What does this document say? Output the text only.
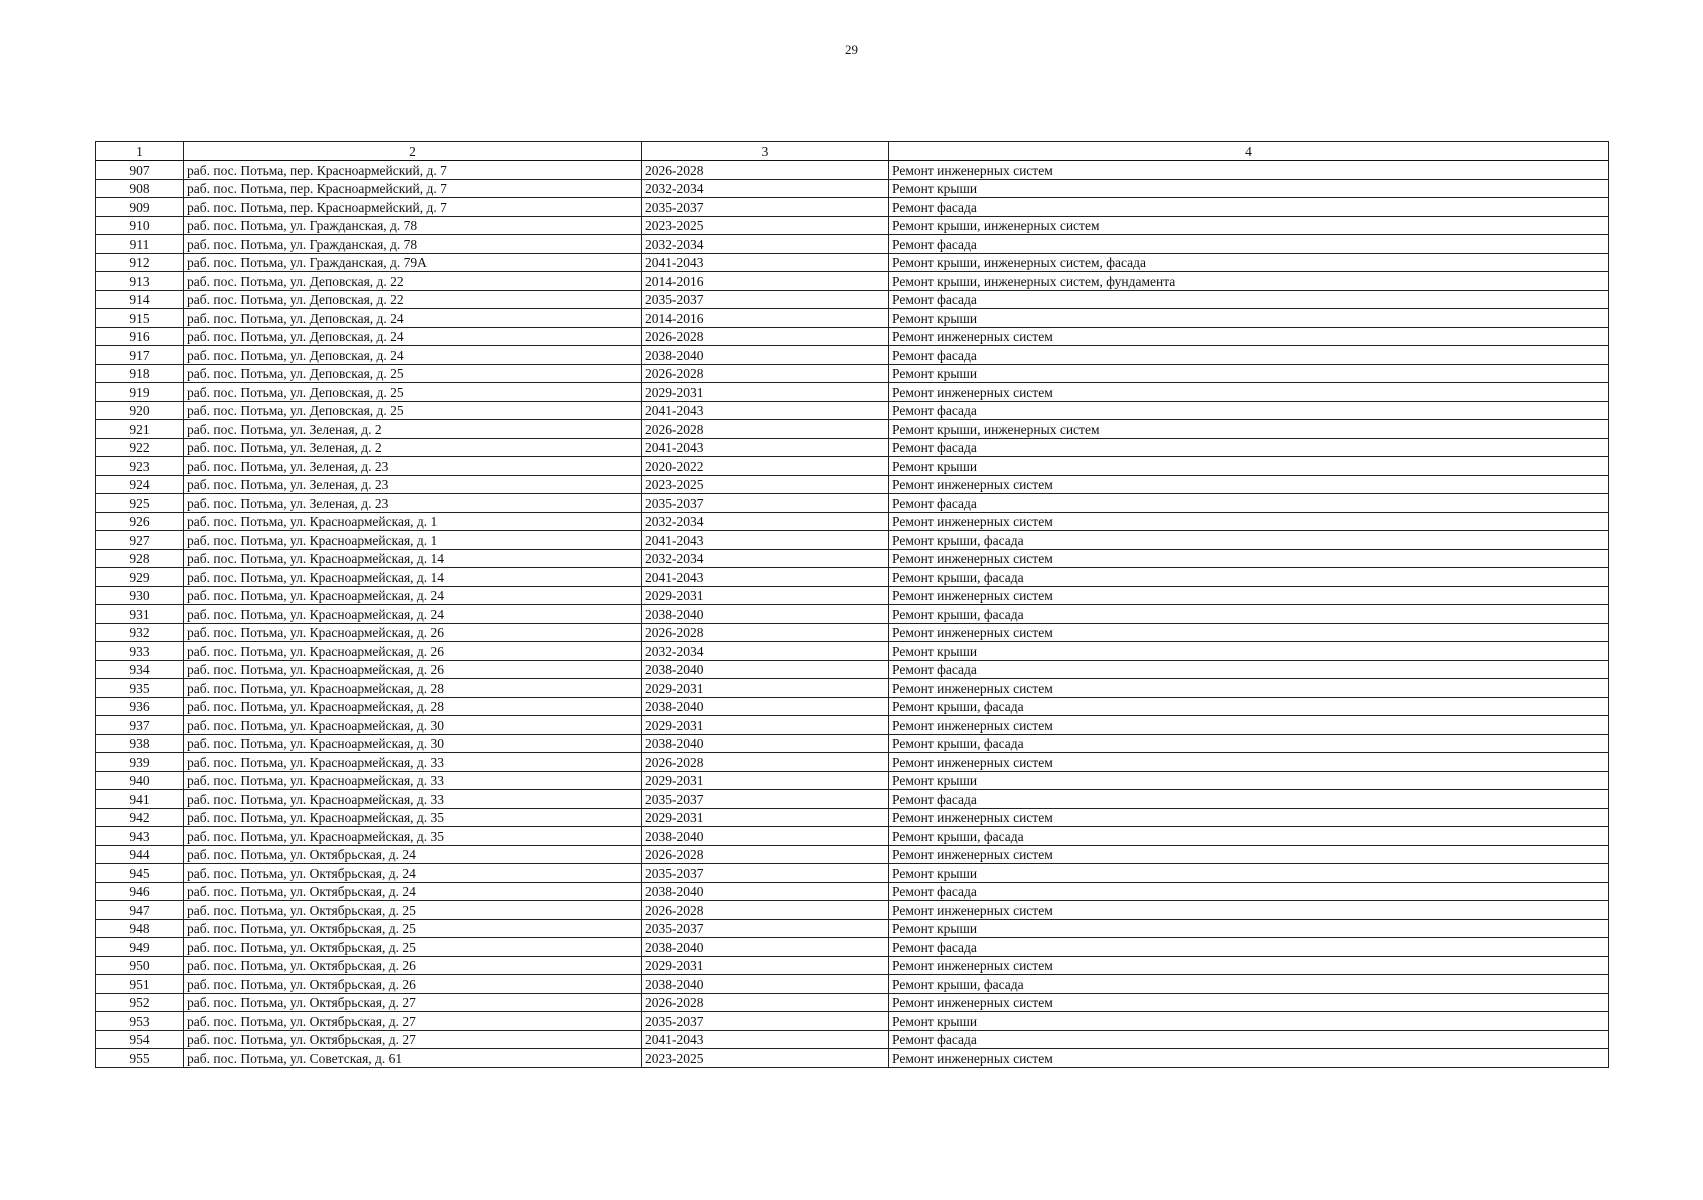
29
1	2	3	4
907	раб. пос. Потьма, пер. Красноармейский, д. 7	2026-2028	Ремонт инженерных систем
908	раб. пос. Потьма, пер. Красноармейский, д. 7	2032-2034	Ремонт крыши
909	раб. пос. Потьма, пер. Красноармейский, д. 7	2035-2037	Ремонт фасада
910	раб. пос. Потьма, ул. Гражданская, д. 78	2023-2025	Ремонт крыши, инженерных систем
911	раб. пос. Потьма, ул. Гражданская, д. 78	2032-2034	Ремонт фасада
912	раб. пос. Потьма, ул. Гражданская, д. 79А	2041-2043	Ремонт крыши, инженерных систем, фасада
913	раб. пос. Потьма, ул. Деповская, д. 22	2014-2016	Ремонт крыши, инженерных систем, фундамента
914	раб. пос. Потьма, ул. Деповская, д. 22	2035-2037	Ремонт фасада
915	раб. пос. Потьма, ул. Деповская, д. 24	2014-2016	Ремонт крыши
916	раб. пос. Потьма, ул. Деповская, д. 24	2026-2028	Ремонт инженерных систем
917	раб. пос. Потьма, ул. Деповская, д. 24	2038-2040	Ремонт фасада
918	раб. пос. Потьма, ул. Деповская, д. 25	2026-2028	Ремонт крыши
919	раб. пос. Потьма, ул. Деповская, д. 25	2029-2031	Ремонт инженерных систем
920	раб. пос. Потьма, ул. Деповская, д. 25	2041-2043	Ремонт фасада
921	раб. пос. Потьма, ул. Зеленая, д. 2	2026-2028	Ремонт крыши, инженерных систем
922	раб. пос. Потьма, ул. Зеленая, д. 2	2041-2043	Ремонт фасада
923	раб. пос. Потьма, ул. Зеленая, д. 23	2020-2022	Ремонт крыши
924	раб. пос. Потьма, ул. Зеленая, д. 23	2023-2025	Ремонт инженерных систем
925	раб. пос. Потьма, ул. Зеленая, д. 23	2035-2037	Ремонт фасада
926	раб. пос. Потьма, ул. Красноармейская, д. 1	2032-2034	Ремонт инженерных систем
927	раб. пос. Потьма, ул. Красноармейская, д. 1	2041-2043	Ремонт крыши, фасада
928	раб. пос. Потьма, ул. Красноармейская, д. 14	2032-2034	Ремонт инженерных систем
929	раб. пос. Потьма, ул. Красноармейская, д. 14	2041-2043	Ремонт крыши, фасада
930	раб. пос. Потьма, ул. Красноармейская, д. 24	2029-2031	Ремонт инженерных систем
931	раб. пос. Потьма, ул. Красноармейская, д. 24	2038-2040	Ремонт крыши, фасада
932	раб. пос. Потьма, ул. Красноармейская, д. 26	2026-2028	Ремонт инженерных систем
933	раб. пос. Потьма, ул. Красноармейская, д. 26	2032-2034	Ремонт крыши
934	раб. пос. Потьма, ул. Красноармейская, д. 26	2038-2040	Ремонт фасада
935	раб. пос. Потьма, ул. Красноармейская, д. 28	2029-2031	Ремонт инженерных систем
936	раб. пос. Потьма, ул. Красноармейская, д. 28	2038-2040	Ремонт крыши, фасада
937	раб. пос. Потьма, ул. Красноармейская, д. 30	2029-2031	Ремонт инженерных систем
938	раб. пос. Потьма, ул. Красноармейская, д. 30	2038-2040	Ремонт крыши, фасада
939	раб. пос. Потьма, ул. Красноармейская, д. 33	2026-2028	Ремонт инженерных систем
940	раб. пос. Потьма, ул. Красноармейская, д. 33	2029-2031	Ремонт крыши
941	раб. пос. Потьма, ул. Красноармейская, д. 33	2035-2037	Ремонт фасада
942	раб. пос. Потьма, ул. Красноармейская, д. 35	2029-2031	Ремонт инженерных систем
943	раб. пос. Потьма, ул. Красноармейская, д. 35	2038-2040	Ремонт крыши, фасада
944	раб. пос. Потьма, ул. Октябрьская, д. 24	2026-2028	Ремонт инженерных систем
945	раб. пос. Потьма, ул. Октябрьская, д. 24	2035-2037	Ремонт крыши
946	раб. пос. Потьма, ул. Октябрьская, д. 24	2038-2040	Ремонт фасада
947	раб. пос. Потьма, ул. Октябрьская, д. 25	2026-2028	Ремонт инженерных систем
948	раб. пос. Потьма, ул. Октябрьская, д. 25	2035-2037	Ремонт крыши
949	раб. пос. Потьма, ул. Октябрьская, д. 25	2038-2040	Ремонт фасада
950	раб. пос. Потьма, ул. Октябрьская, д. 26	2029-2031	Ремонт инженерных систем
951	раб. пос. Потьма, ул. Октябрьская, д. 26	2038-2040	Ремонт крыши, фасада
952	раб. пос. Потьма, ул. Октябрьская, д. 27	2026-2028	Ремонт инженерных систем
953	раб. пос. Потьма, ул. Октябрьская, д. 27	2035-2037	Ремонт крыши
954	раб. пос. Потьма, ул. Октябрьская, д. 27	2041-2043	Ремонт фасада
955	раб. пос. Потьма, ул. Советская, д. 61	2023-2025	Ремонт инженерных систем
